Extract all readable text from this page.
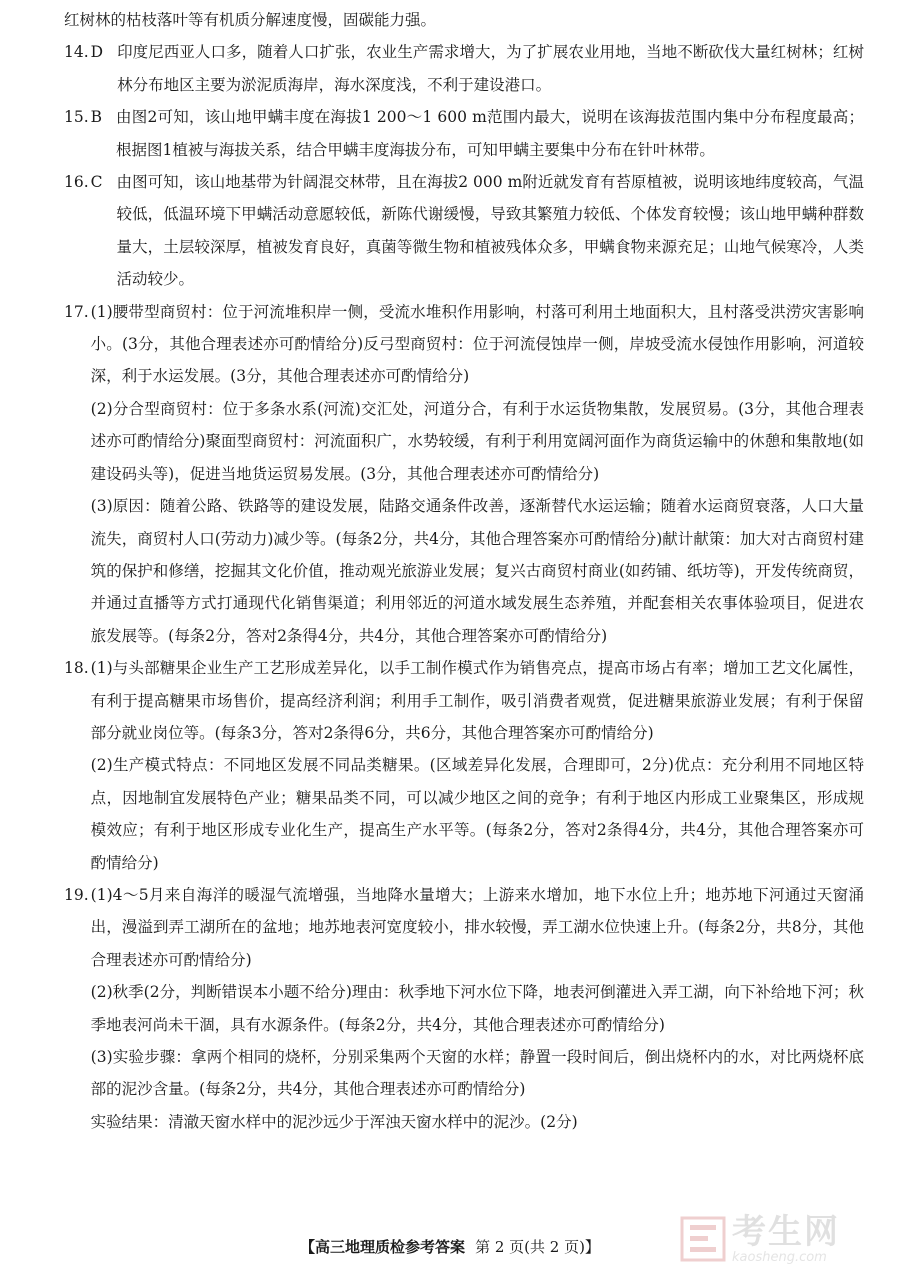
红树林的枯枝落叶等有机质分解速度慢，固碳能力强。

14. D 印度尼西亚人口多，随着人口扩张，农业生产需求增大，为了扩展农业用地，当地不断砍伐大量红树林；红树林分布地区主要为淤泥质海岸，海水深度浅，不利于建设港口。
15. B 由图2可知，该山地甲螨丰度在海拔1 200～1 600 m范围内最大，说明在该海拔范围内集中分布程度最高；根据图1植被与海拔关系，结合甲螨丰度海拔分布，可知甲螨主要集中分布在针叶林带。
16. C 由图可知，该山地基带为针阔混交林带，且在海拔2 000 m附近就发育有苔原植被，说明该地纬度较高，气温较低，低温环境下甲螨活动意愿较低，新陈代谢缓慢，导致其繁殖力较低、个体发育较慢；该山地甲螨种群数量大，土层较深厚，植被发育良好，真菌等微生物和植被残体众多，甲螨食物来源充足；山地气候寒冷，人类活动较少。
17. (1)腰带型商贸村：位于河流堆积岸一侧，受流水堆积作用影响，村落可利用土地面积大，且村落受洪涝灾害影响小。(3分，其他合理表述亦可酌情给分)反弓型商贸村：位于河流侵蚀岸一侧，岸坡受流水侵蚀作用影响，河道较深，利于水运发展。(3分，其他合理表述亦可酌情给分)

(2)分合型商贸村：位于多条水系(河流)交汇处，河道分合，有利于水运货物集散，发展贸易。(3分，其他合理表述亦可酌情给分)聚面型商贸村：河流面积广，水势较缓，有利于利用宽阔河面作为商货运输中的休憩和集散地(如建设码头等)，促进当地货运贸易发展。(3分，其他合理表述亦可酌情给分)

(3)原因：随着公路、铁路等的建设发展，陆路交通条件改善，逐渐替代水运运输；随着水运商贸衰落，人口大量流失，商贸村人口(劳动力)减少等。(每条2分，共4分，其他合理答案亦可酌情给分)献计献策：加大对古商贸村建筑的保护和修缮，挖掘其文化价值，推动观光旅游业发展；复兴古商贸村商业(如药铺、纸坊等)，开发传统商贸，并通过直播等方式打通现代化销售渠道；利用邻近的河道水域发展生态养殖，并配套相关农事体验项目，促进农旅发展等。(每条2分，答对2条得4分，共4分，其他合理答案亦可酌情给分)

18. (1)与头部糖果企业生产工艺形成差异化，以手工制作模式作为销售亮点，提高市场占有率；增加工艺文化属性，有利于提高糖果市场售价，提高经济利润；利用手工制作，吸引消费者观赏，促进糖果旅游业发展；有利于保留部分就业岗位等。(每条3分，答对2条得6分，共6分，其他合理答案亦可酌情给分)

(2)生产模式特点：不同地区发展不同品类糖果。(区域差异化发展，合理即可，2分)优点：充分利用不同地区特点，因地制宜发展特色产业；糖果品类不同，可以减少地区之间的竞争；有利于地区内形成工业聚集区，形成规模效应；有利于地区形成专业化生产，提高生产水平等。(每条2分，答对2条得4分，共4分，其他合理答案亦可酌情给分)

19. (1)4～5月来自海洋的暖湿气流增强，当地降水量增大；上游来水增加，地下水位上升；地苏地下河通过天窗涌出，漫溢到弄工湖所在的盆地；地苏地表河宽度较小，排水较慢，弄工湖水位快速上升。(每条2分，共8分，其他合理表述亦可酌情给分)

(2)秋季(2分，判断错误本小题不给分)理由：秋季地下河水位下降，地表河倒灌进入弄工湖，向下补给地下河；秋季地表河尚未干涸，具有水源条件。(每条2分，共4分，其他合理表述亦可酌情给分)

(3)实验步骤：拿两个相同的烧杯，分别采集两个天窗的水样；静置一段时间后，倒出烧杯内的水，对比两烧杯底部的泥沙含量。(每条2分，共4分，其他合理表述亦可酌情给分)

实验结果：清澈天窗水样中的泥沙远少于浑浊天窗水样中的泥沙。(2分)

【高三地理质检参考答案 第 2 页(共 2 页)】	考生网
kaosheng.com
